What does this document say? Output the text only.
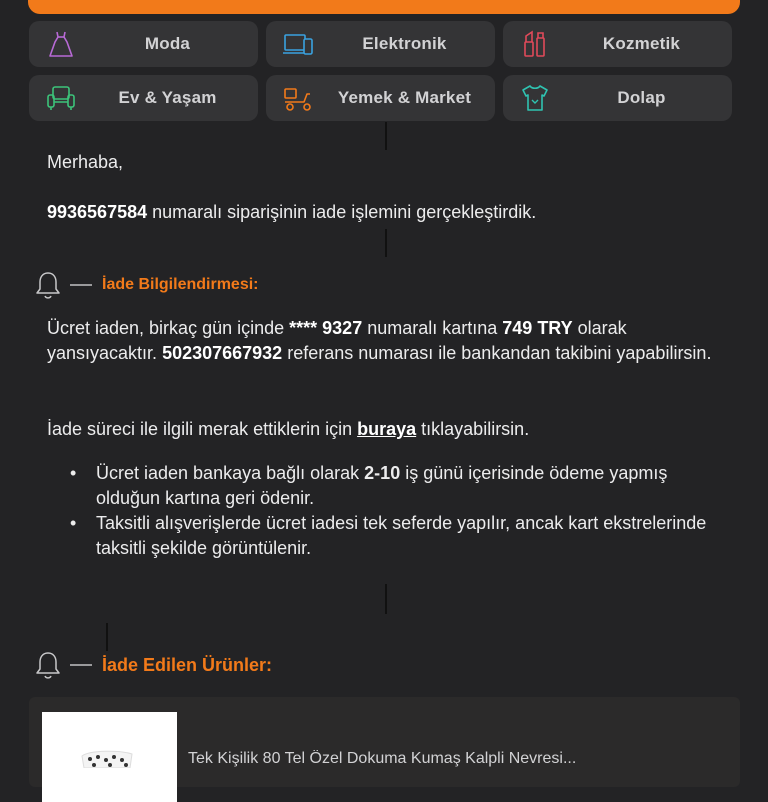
Moda	Elektronik	Kozmetik
Ev & Yaşam	Yemek & Market	Dolap
Merhaba,
9936567584 numaralı siparişinin iade işlemini gerçekleştirdik.
İade Bilgilendirmesi:
Ücret iaden, birkaç gün içinde **** 9327 numaralı kartına 749 TRY olarak yansıyacaktır. 502307667932 referans numarası ile bankandan takibini yapabilirsin.
İade süreci ile ilgili merak ettiklerin için buraya tıklayabilirsin.
• Ücret iaden bankaya bağlı olarak 2-10 iş günü içerisinde ödeme yapmış olduğun kartına geri ödenir.
• Taksitli alışverişlerde ücret iadesi tek seferde yapılır, ancak kart ekstrelerinde taksitli şekilde görüntülenir.
İade Edilen Ürünler:
Tek Kişilik 80 Tel Özel Dokuma Kumaş Kalpli Nevresi...
